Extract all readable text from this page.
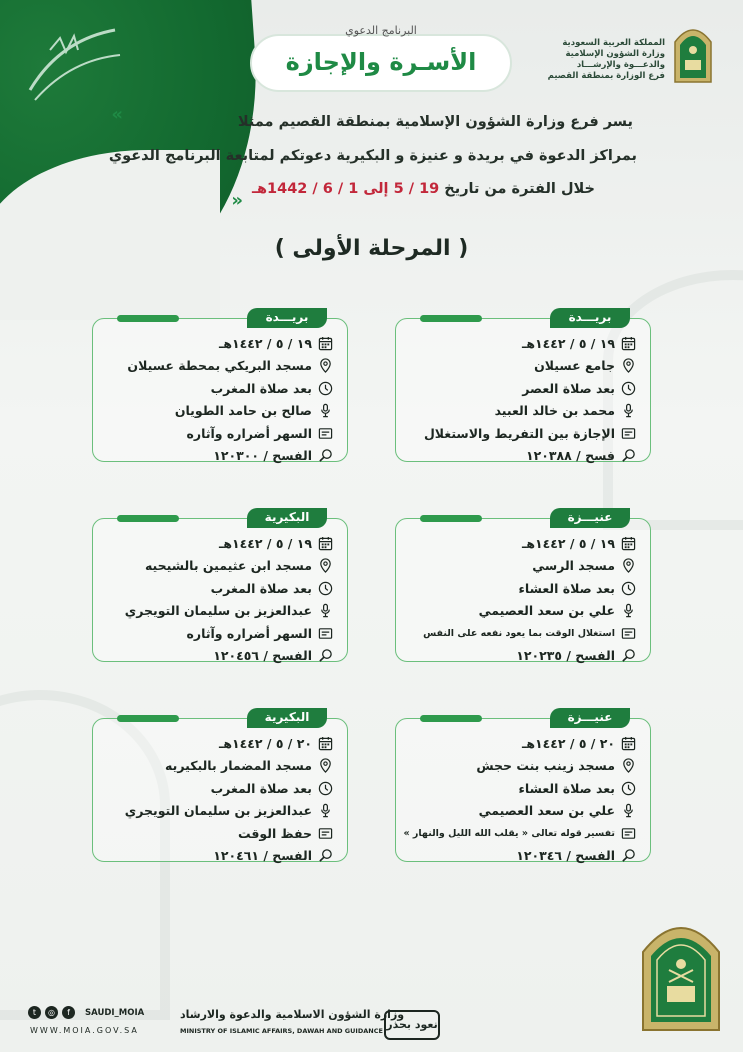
المملكة العربية السعودية
وزارة الشؤون الإسلامية
والدعـــوة والإرشـــاد
فرع الوزارة بمنطقة القصيم
البرنامج الدعوي
الأسـرة والإجازة
»	يسر فرع وزارة الشؤون الإسلامية بمنطقة القصيم ممثلا
بمراكز الدعوة في بريدة و عنيزة و البكيرية دعوتكم لمتابعة البرنامج الدعوي
خلال الفترة من تاريخ 19 / 5 إلى 1 / 6 / 1442هـ
«
( المرحلة الأولى )
بريـــدة
١٩ / ٥ / ١٤٤٢هـ
جامع عسيلان
بعد صلاة العصر
محمد بن خالد العبيد
الإجازة بين التفريط والاستغلال
فسح / ١٢٠٣٨٨
بريـــدة
١٩ / ٥ / ١٤٤٢هـ
مسجد البريكي بمحطة عسيلان
بعد صلاة المغرب
صالح بن حامد الطويان
السهر أضراره وآثاره
الفسح / ١٢٠٣٠٠
عنيـــزة
١٩ / ٥ / ١٤٤٢هـ
مسجد الرسي
بعد صلاة العشاء
علي بن سعد العصيمي
استغلال الوقت بما يعود نفعه على النفس
الفسح / ١٢٠٢٣٥
البكيرية
١٩ / ٥ / ١٤٤٢هـ
مسجد ابن عثيمين بالشيحيه
بعد صلاة المغرب
عبدالعزيز بن سليمان التويجري
السهر أضراره وآثاره
الفسح / ١٢٠٤٥٦
عنيـــزة
٢٠ / ٥ / ١٤٤٢هـ
مسجد زينب بنت حجش
بعد صلاة العشاء
علي بن سعد العصيمي
تفسير قوله تعالى « يقلب الله الليل والنهار »
الفسح / ١٢٠٣٤٦
البكيرية
٢٠ / ٥ / ١٤٤٢هـ
مسجد المضمار بالبكيريه
بعد صلاة المغرب
عبدالعزيز بن سليمان التويجري
حفظ الوقت
الفسح / ١٢٠٤٦١
t	◎	f	SAUDI_MOIA
WWW.MOIA.GOV.SA
وزارة الشؤون الاسلامية والدعوة والارشاد
MINISTRY OF ISLAMIC AFFAIRS, DAWAH AND GUIDANCE نعود بحذر
